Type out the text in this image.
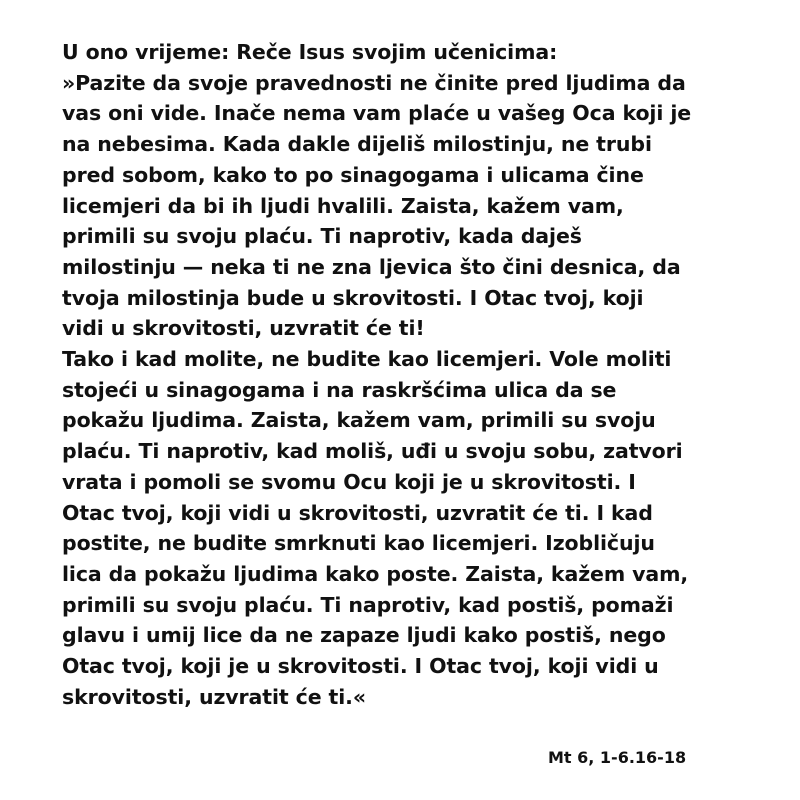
U ono vrijeme: Reče Isus svojim učenicima:
»Pazite da svoje pravednosti ne činite pred ljudima da
vas oni vide. Inače nema vam plaće u vašeg Oca koji je
na nebesima. Kada dakle dijeliš milostinju, ne trubi
pred sobom, kako to po sinagogama i ulicama čine
licemjeri da bi ih ljudi hvalili. Zaista, kažem vam,
primili su svoju plaću. Ti naprotiv, kada daješ
milostinju — neka ti ne zna ljevica što čini desnica, da
tvoja milostinja bude u skrovitosti. I Otac tvoj, koji
vidi u skrovitosti, uzvratit će ti!
Tako i kad molite, ne budite kao licemjeri. Vole moliti
stojeći u sinagogama i na raskršćima ulica da se
pokažu ljudima. Zaista, kažem vam, primili su svoju
plaću. Ti naprotiv, kad moliš, uđi u svoju sobu, zatvori
vrata i pomoli se svomu Ocu koji je u skrovitosti. I
Otac tvoj, koji vidi u skrovitosti, uzvratit će ti. I kad
postite, ne budite smrknuti kao licemjeri. Izobličuju
lica da pokažu ljudima kako poste. Zaista, kažem vam,
primili su svoju plaću. Ti naprotiv, kad postiš, pomaži
glavu i umij lice da ne zapaze ljudi kako postiš, nego
Otac tvoj, koji je u skrovitosti. I Otac tvoj, koji vidi u
skrovitosti, uzvratit će ti.«
Mt 6, 1-6.16-18
